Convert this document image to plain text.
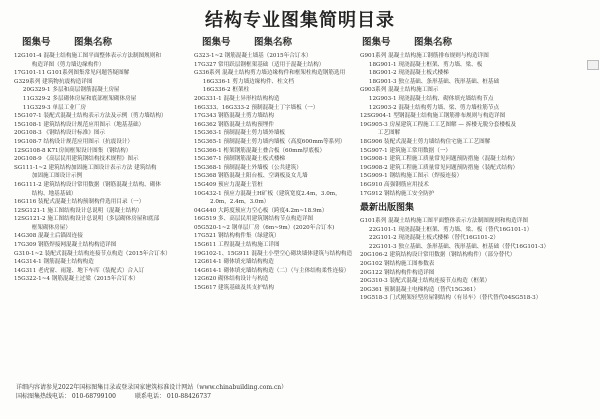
结构专业图集简明目录
图集号	图集名称
12G101-4 混凝土结构施工图平面整体表示方法制图规则和
构造详图（剪力墙边缘构件）
17G101-11 G101系列图集常见问题答疑图解
G329系列 建筑物抗震构造详图
20G329-1 多层和高层钢筋混凝土房屋
11G329-2 多层砌体房屋和底部框架砌体房屋
11G329-3 单层工业厂房
15G107-1 装配式混凝土结构表示方法及示例（剪力墙结构）
15G108-1 建筑结构设计规范应用图示（地基基础）
20G108-3 《钢结构设计标准》图示
19G108-7 结构设计规范应用图示（抗震设计）
12SG108-8 K71房间框架设计图集（钢结构）
20G108-9 《高层民用建筑钢结构技术规程》图示
SG111-1~2 建筑结构加固施工图设计表示方法 建筑结构
加固施工图设计示例
16G111-2 建筑结构设计常用数据（钢筋混凝土结构、砌体
结构、地基基础）
16G116 装配式混凝土结构预制构件选用目录（一）
12SG121-1 施工图结构设计总说明（混凝土结构）
12SG121-2 施工图结构设计总说明（多层砌体房屋和底部
框架砌体房屋）
14G308 混凝土后锚固连接
17G309 钢筋焊接网混凝土结构构造详图
G310-1~2 装配式混凝土结构连接节点构造（2015年合订本）
14G314-1 钢筋混凝土结构构造
14G311 老虎窗、雨篷、地下车库（装配式）合入订
15G322-1~4 钢筋混凝土过梁（2015年合订本）
图集号	图集名称
G323-1~2 钢筋混凝土墙基（2015年合订本）
17G327 常用跃层钢框架基础（适用于混凝土结构）
G336系列 混凝土结构剪力墙边缘构件和框架柱构造钢筋选用
16G336-1 剪力墙边缘构件、柱文档
16G336-2 框架柱
20G331-1 混凝土异形柱结构构造
16G333、16G333-2 预制混凝土丁字墙板（一）
17G343 钢筋混凝土剪力墙结构
16G362 钢筋混凝土结构预埋件
15G363-1 预制混凝土剪力墙外墙板
15G365-1 预制混凝土剪力墙内墙板（高度600mm等系列）
15G366-1 桁架钢筋混凝土叠合板（60mm厚底板）
15G367-1 预制钢筋混凝土板式楼梯
15G368-1 预制混凝土外墙板（公共建筑）
15G368 钢筋混凝土阳台板、空调板及女儿墙
15G409 预应力混凝土管桩
10G432-1 预应力混凝土H矿板（建筑宽度2.4m，3.0m，
2.0m，2.4m，3.0m）
04G440 大跨度预应力空心板（跨度4.2m~18.9m）
16G519 多、高层民用建筑钢结构节点构造详图
05G520-1~2 钢单层厂房（6m~9m）(2020年合订本)
17G521 钢结构构件集（绿建筑）
15G611 工程混凝土结构施工详图
19G102-1、15G911 混凝土小型空心砌块墙体建筑与结构构造
12G614-1 砌体填充墙结构构造
14G614-1 砌体填充墙结构构造（二）（与主体结构柔性连接）
12G620 砌体结构设计与构造
15G617 建筑基础及其支护结构
图集号	图集名称
G901系列 混凝土结构施工钢筋排布规则与构造详图
18G901-1 现浇混凝土框架、剪力墙、梁、板
18G901-2 现浇混凝土板式楼梯
18G901-3 独立基础、条形基础、筏形基础、桩基础
G903系列 混凝土结构施工图示
12G903-1 现浇混凝土结构、砌体填充墙结构节点
12G903-2 混凝土结构剪力墙、梁、剪力墙柱筋节点
12SG904-1 型钢混凝土结构施工钢筋排布规则与构造详图
19G905-3 房屋建筑工程施工工艺图解 — 拆楼无脱分套楼板及
工艺图解
18G906 装配式混凝土剪力墙结构住宅施工工艺图解
15G907-1 建筑施工常用数据（一）
19G908-1 建筑工程施工质量常见问题预防措施（混凝土结构）
19G908-2 建筑工程施工质量常见问题预防措施（装配式结构）
15G909-1 钢结构施工图示（焊接连接）
16G910 高强钢筋应用技术
17G912 钢结构施工安全防护
最新出版图集
G101系列 混凝土结构施工图平面整体表示方法制图规则和构造详图
22G101-1 现浇混凝土框架、剪力墙、梁、板（替代16G101-1）
22G101-2 现浇混凝土板式楼梯（替代16G101-2）
22G101-3 独立基础、条形基础、筏形基础、桩基础（替代16G101-3）
20G106-2 建筑结构设计常用数据（钢结构构件）（部分替代）
20G102 钢结构施工图参数表
20G122 钢结构构件构造详图
20G310-3 装配式混凝土结构连接节点构造（框架）
20G361 预制混凝土电梯构造（替代15G361）
19G518-3 门式刚架轻型房屋钢结构（有吊车）（替代替代04SG518-3）
详细内容请参见2022年国标图集目录或登录国家建筑标准设计网站（www.chinabuilding.com.cn）
国标图集热线电话： 010-68799100          联系电话： 010-88426737
